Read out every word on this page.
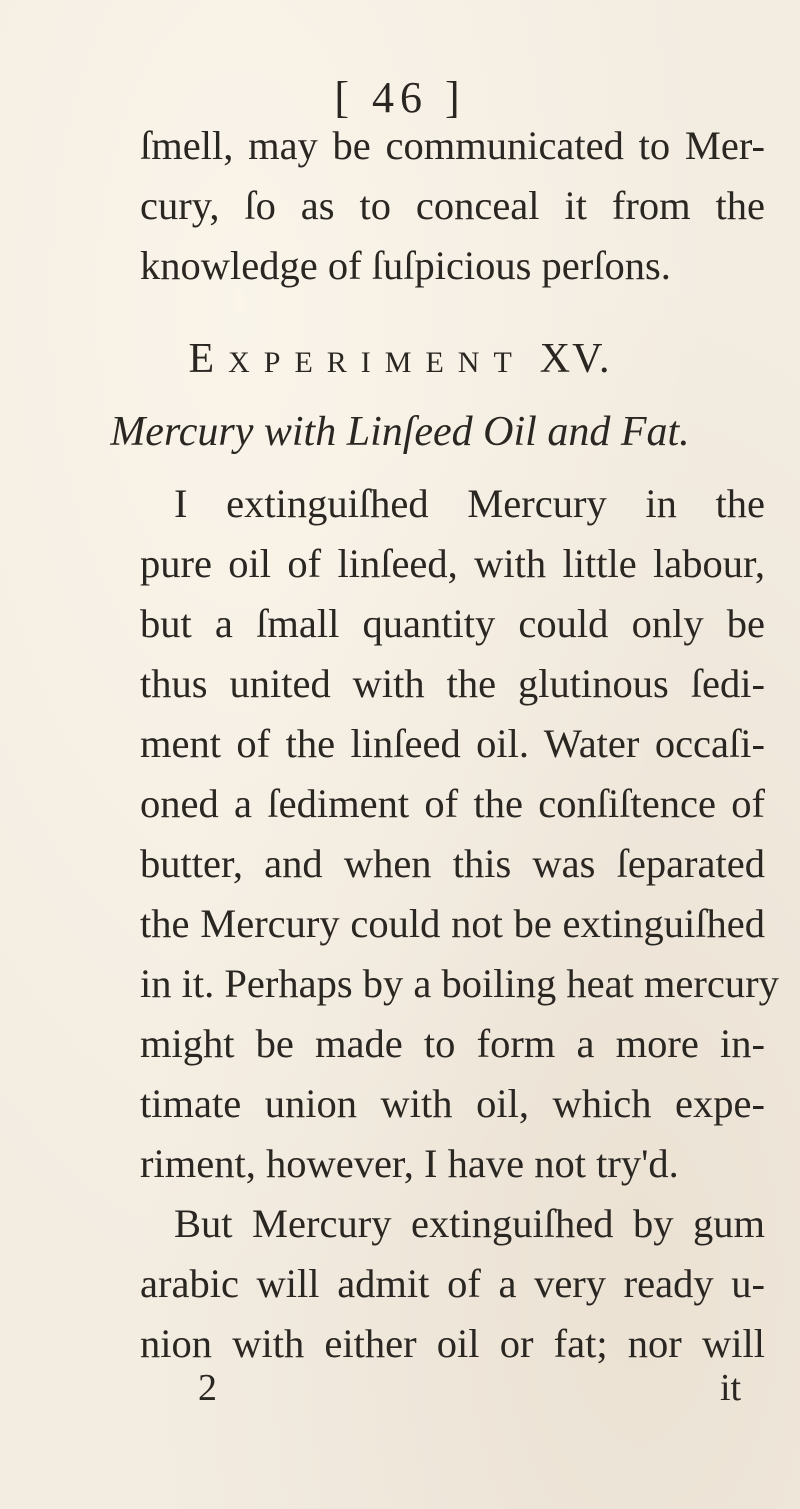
[ 46 ]
ſmell, may be communicated to Mer-
cury, ſo as to conceal it from the
knowledge of ſuſpicious perſons.
EXPERIMENT XV.
Mercury with Linſeed Oil and Fat.
I extinguiſhed Mercury in the
pure oil of linſeed, with little labour,
but a ſmall quantity could only be
thus united with the glutinous ſedi-
ment of the linſeed oil. Water occaſi-
oned a ſediment of the conſiſtence of
butter, and when this was ſeparated
the Mercury could not be extinguiſhed
in it. Perhaps by a boiling heat mercury
might be made to form a more in-
timate union with oil, which expe-
riment, however, I have not try'd.
But Mercury extinguiſhed by gum
arabic will admit of a very ready u-
nion with either oil or fat; nor will
2	it
